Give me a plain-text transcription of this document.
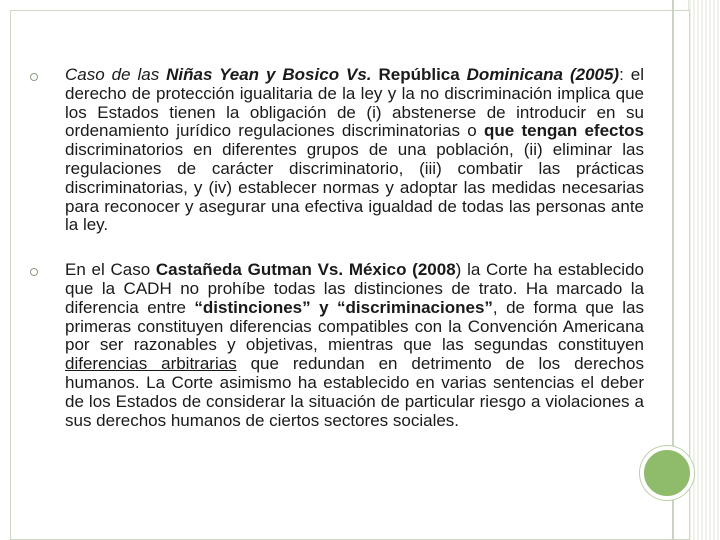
Caso de las Niñas Yean y Bosico Vs. República Dominicana (2005): el derecho de protección igualitaria de la ley y la no discriminación implica que los Estados tienen la obligación de (i) abstenerse de introducir en su ordenamiento jurídico regulaciones discriminatorias o que tengan efectos discriminatorios en diferentes grupos de una población, (ii) eliminar las regulaciones de carácter discriminatorio, (iii) combatir las prácticas discriminatorias, y (iv) establecer normas y adoptar las medidas necesarias para reconocer y asegurar una efectiva igualdad de todas las personas ante la ley.
En el Caso Castañeda Gutman Vs. México (2008) la Corte ha establecido que la CADH no prohíbe todas las distinciones de trato. Ha marcado la diferencia entre “distinciones” y “discriminaciones”, de forma que las primeras constituyen diferencias compatibles con la Convención Americana por ser razonables y objetivas, mientras que las segundas constituyen diferencias arbitrarias que redundan en detrimento de los derechos humanos. La Corte asimismo ha establecido en varias sentencias el deber de los Estados de considerar la situación de particular riesgo a violaciones a sus derechos humanos de ciertos sectores sociales.
